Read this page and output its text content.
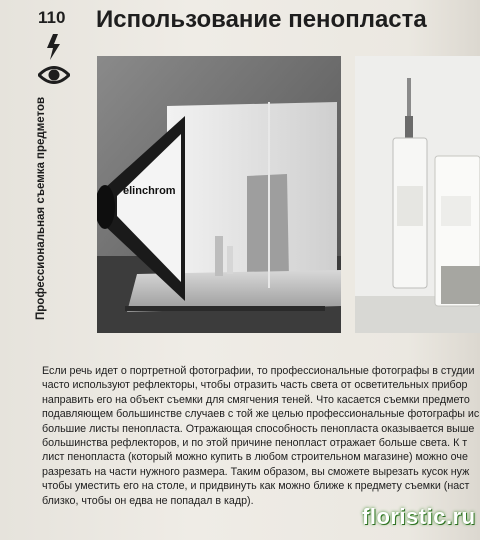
110 Использование пенопласта
Профессиональная съемка предметов	elinchrom
Если речь идет о портретной фотографии, то профессиональные фотографы в студии
часто используют рефлекторы, чтобы отразить часть света от осветительных прибор
направить его на объект съемки для смягчения теней. Что касается съемки предмето
подавляющем большинстве случаев с той же целью профессиональные фотографы ис
большие листы пенопласта. Отражающая способность пенопласта оказывается выше
большинства рефлекторов, и по этой причине пенопласт отражает больше света. К т
лист пенопласта (который можно купить в любом строительном магазине) можно оче
разрезать на части нужного размера. Таким образом, вы сможете вырезать кусок нуж
чтобы уместить его на столе, и придвинуть как можно ближе к предмету съемки (наст
близко, чтобы он едва не попадал в кадр).
floristic.ru
